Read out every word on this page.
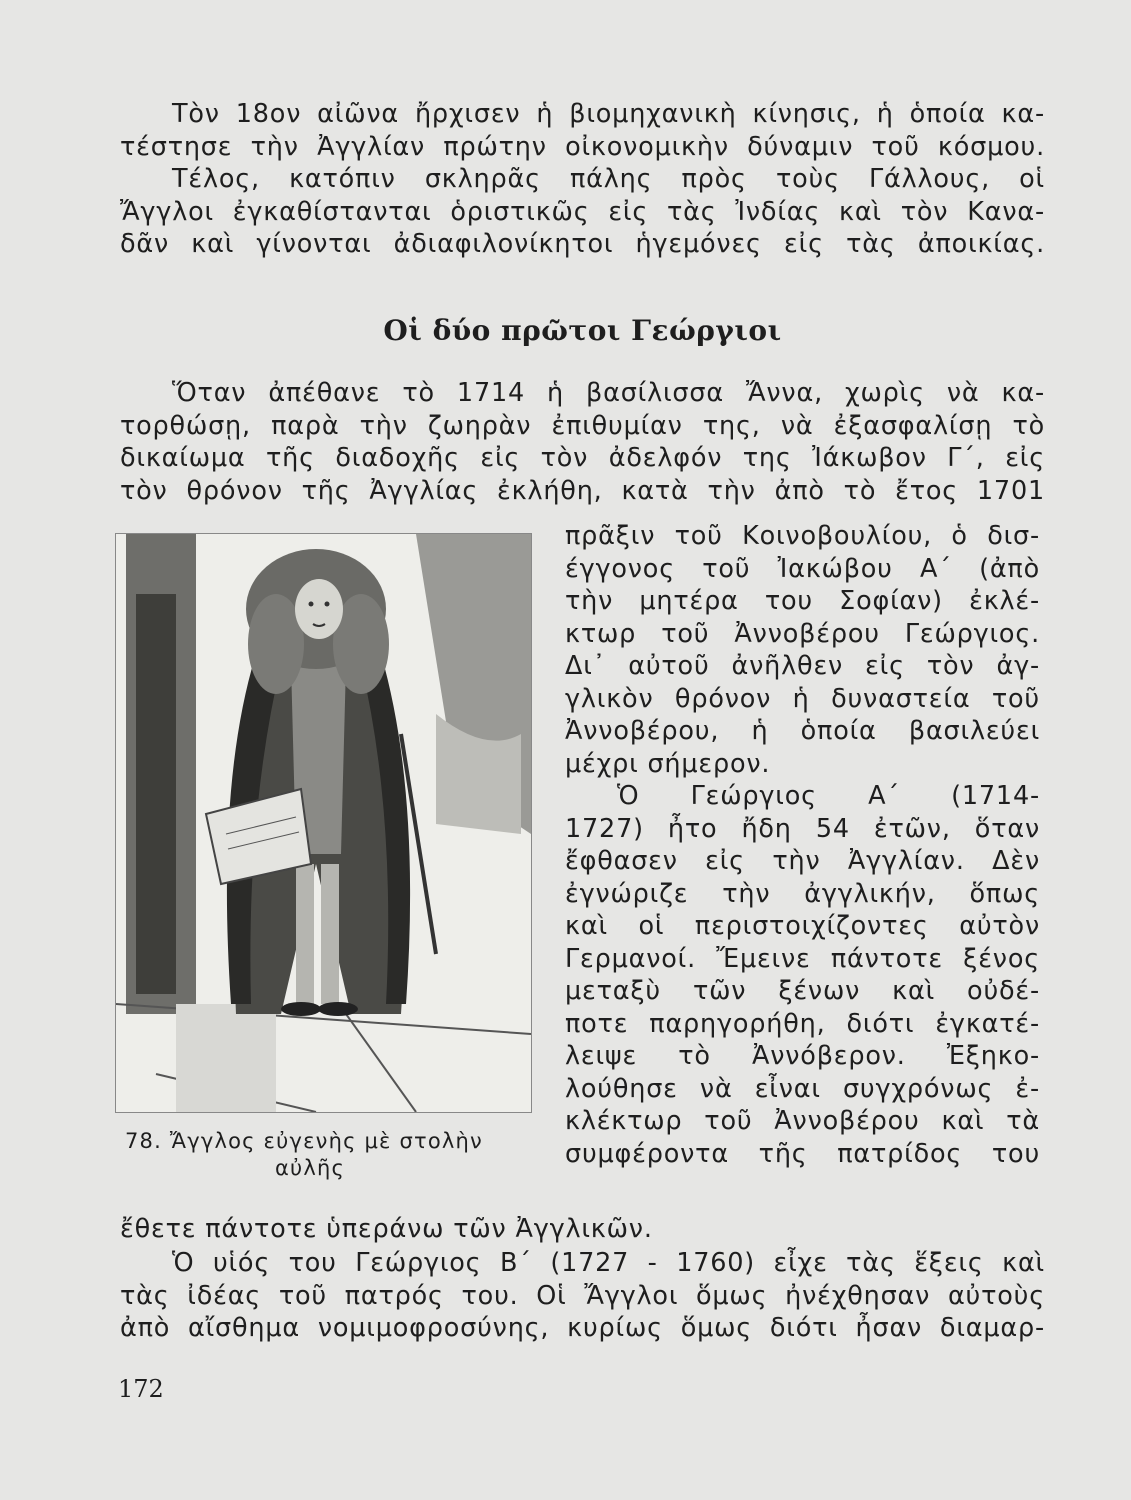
Τὸν 18ον αἰῶνα ἤρχισεν ἡ βιομηχανικὴ κίνησις, ἡ ὁποία κα-

τέστησε τὴν Ἀγγλίαν πρώτην οἰκονομικὴν δύναμιν τοῦ κόσμου.

Τέλος, κατόπιν σκληρᾶς πάλης πρὸς τοὺς Γάλλους, οἱ

Ἄγγλοι ἐγκαθίστανται ὁριστικῶς εἰς τὰς Ἰνδίας καὶ τὸν Κανα-

δᾶν καὶ γίνονται ἀδιαφιλονίκητοι ἡγεμόνες εἰς τὰς ἀποικίας.

Οἱ δύο πρῶτοι Γεώργιοι

Ὅταν ἀπέθανε τὸ 1714 ἡ βασίλισσα Ἄννα, χωρὶς νὰ κα-

τορθώσῃ, παρὰ τὴν ζωηρὰν ἐπιθυμίαν της, νὰ ἐξασφαλίσῃ τὸ

δικαίωμα τῆς διαδοχῆς εἰς τὸν ἀδελφόν της Ἰάκωβον Γ΄, εἰς

τὸν θρόνον τῆς Ἀγγλίας ἐκλήθη, κατὰ τὴν ἀπὸ τὸ ἔτος 1701

78. Ἄγγλος εὐγενὴς μὲ στολὴν
αὐλῆς

πρᾶξιν τοῦ Κοινοβουλίου, ὁ δισ-

έγγονος τοῦ Ἰακώβου Α΄ (ἀπὸ

τὴν μητέρα του Σοφίαν) ἐκλέ-

κτωρ τοῦ Ἀννοβέρου Γεώργιος.

Δι᾽ αὐτοῦ ἀνῆλθεν εἰς τὸν ἀγ-

γλικὸν θρόνον ἡ δυναστεία τοῦ

Ἀννοβέρου, ἡ ὁποία βασιλεύει

μέχρι σήμερον.

Ὁ Γεώργιος Α΄ (1714-

1727) ἦτο ἤδη 54 ἐτῶν, ὅταν

ἔφθασεν εἰς τὴν Ἀγγλίαν. Δὲν

ἐγνώριζε τὴν ἀγγλικήν, ὅπως

καὶ οἱ περιστοιχίζοντες αὐτὸν

Γερμανοί. Ἔμεινε πάντοτε ξένος

μεταξὺ τῶν ξένων καὶ οὐδέ-

ποτε παρηγορήθη, διότι ἐγκατέ-

λειψε τὸ Ἀννόβερον. Ἐξηκο-

λούθησε νὰ εἶναι συγχρόνως ἐ-

κλέκτωρ τοῦ Ἀννοβέρου καὶ τὰ

συμφέροντα τῆς πατρίδος του

ἔθετε πάντοτε ὑπεράνω τῶν Ἀγγλικῶν.

Ὁ υἱός του Γεώργιος Β΄ (1727 - 1760) εἶχε τὰς ἕξεις καὶ

τὰς ἰδέας τοῦ πατρός του. Οἱ Ἄγγλοι ὅμως ἠνέχθησαν αὐτοὺς

ἀπὸ αἴσθημα νομιμοφροσύνης, κυρίως ὅμως διότι ἦσαν διαμαρ-

172
